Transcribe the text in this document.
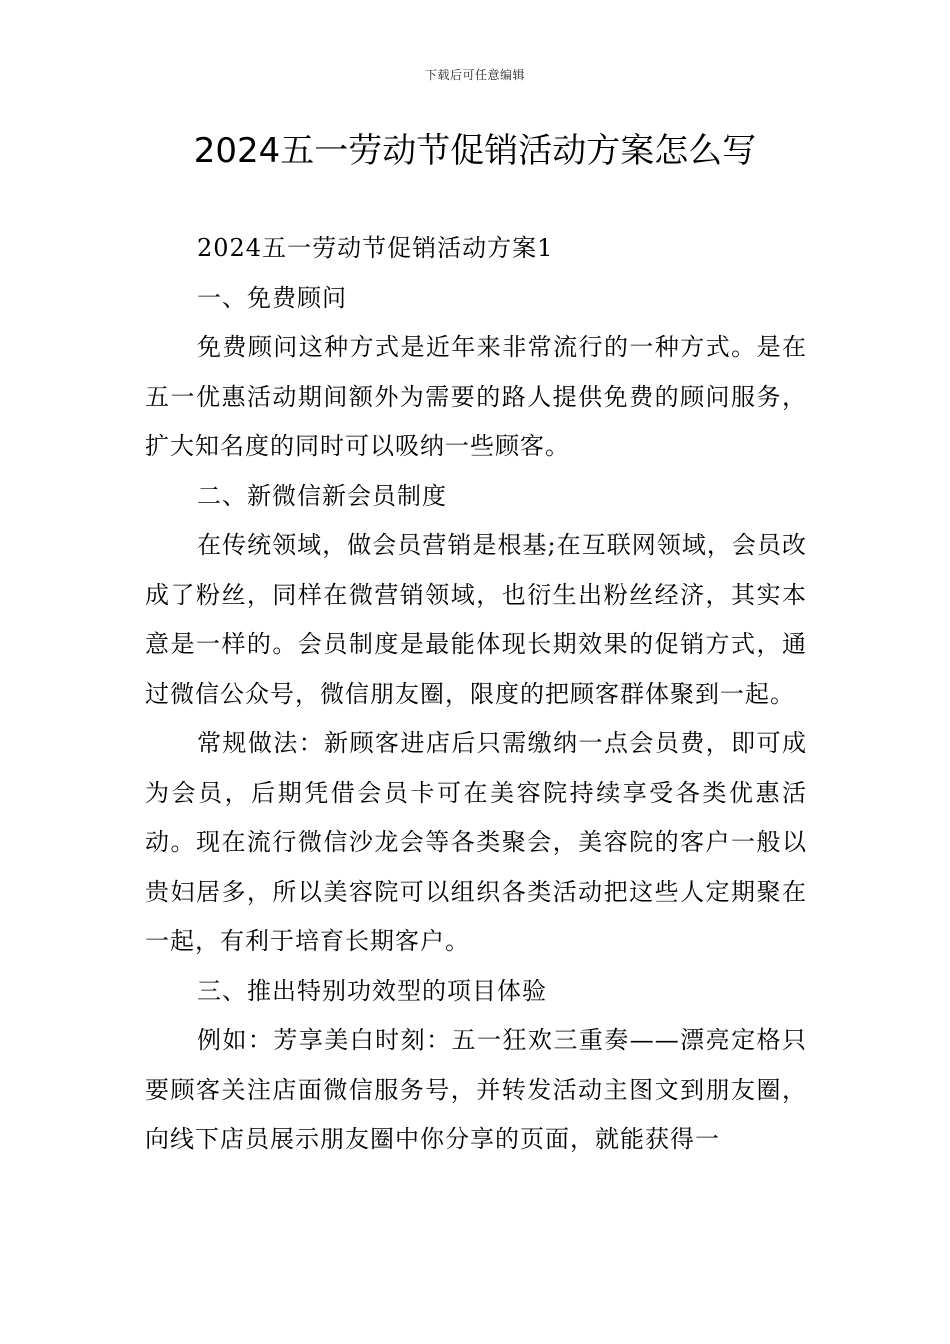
下载后可任意编辑
2024五一劳动节促销活动方案怎么写

2024五一劳动节促销活动方案1

一、免费顾问

免费顾问这种方式是近年来非常流行的一种方式。是在五一优惠活动期间额外为需要的路人提供免费的顾问服务，扩大知名度的同时可以吸纳一些顾客。

二、新微信新会员制度

在传统领域，做会员营销是根基;在互联网领域，会员改成了粉丝，同样在微营销领域，也衍生出粉丝经济，其实本意是一样的。会员制度是最能体现长期效果的促销方式，通过微信公众号，微信朋友圈，限度的把顾客群体聚到一起。

常规做法：新顾客进店后只需缴纳一点会员费，即可成为会员，后期凭借会员卡可在美容院持续享受各类优惠活动。现在流行微信沙龙会等各类聚会，美容院的客户一般以贵妇居多，所以美容院可以组织各类活动把这些人定期聚在一起，有利于培育长期客户。

三、推出特别功效型的项目体验

例如：芳享美白时刻：五一狂欢三重奏——漂亮定格只要顾客关注店面微信服务号，并转发活动主图文到朋友圈，向线下店员展示朋友圈中你分享的页面，就能获得一
